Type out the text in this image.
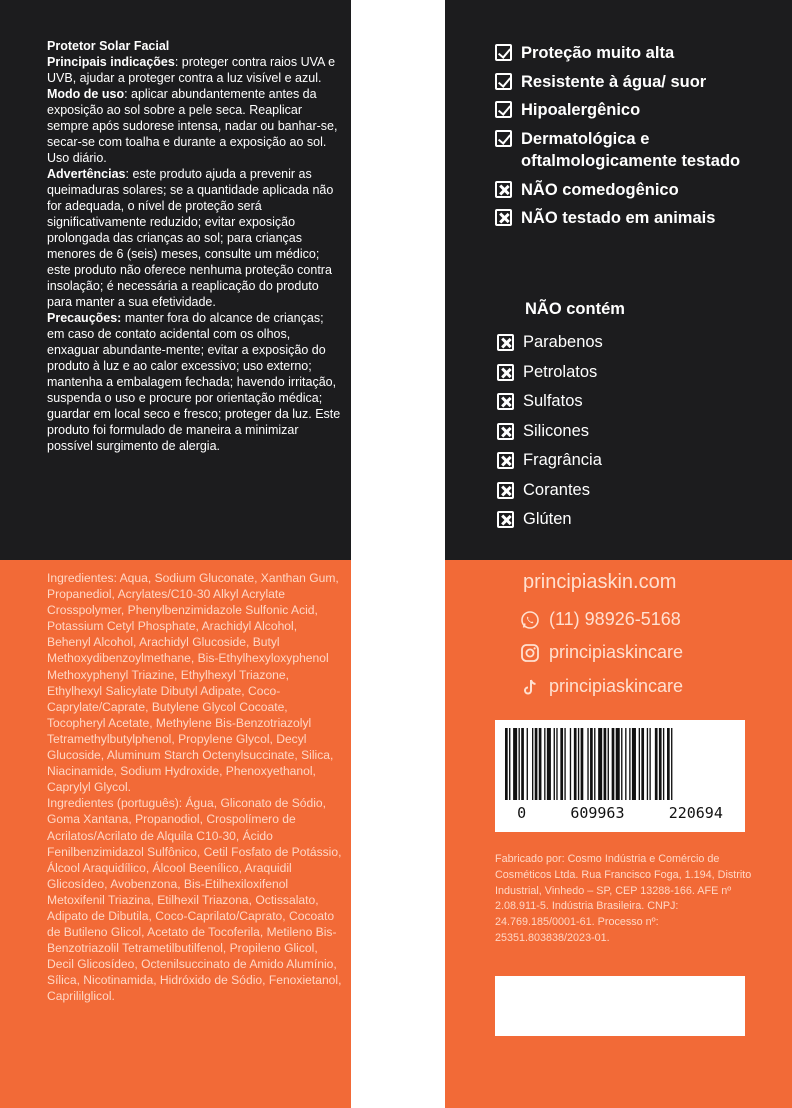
Protetor Solar Facial

Principais indicações: proteger contra raios UVA e UVB, ajudar a proteger contra a luz visível e azul.

Modo de uso: aplicar abundantemente antes da exposição ao sol sobre a pele seca. Reaplicar sempre após sudorese intensa, nadar ou banhar-se, secar-se com toalha e durante a exposição ao sol. Uso diário.

Advertências: este produto ajuda a prevenir as queimaduras solares; se a quantidade aplicada não for adequada, o nível de proteção será significativamente reduzido; evitar exposição prolongada das crianças ao sol; para crianças menores de 6 (seis) meses, consulte um médico; este produto não oferece nenhuma proteção contra insolação; é necessária a reaplicação do produto para manter a sua efetividade.

Precauções: manter fora do alcance de crianças; em caso de contato acidental com os olhos, enxaguar abundante-mente; evitar a exposição do produto à luz e ao calor excessivo; uso externo; mantenha a embalagem fechada; havendo irritação, suspenda o uso e procure por orientação médica; guardar em local seco e fresco; proteger da luz. Este produto foi formulado de maneira a minimizar possível surgimento de alergia.

Ingredientes: Aqua, Sodium Gluconate, Xanthan Gum, Propanediol, Acrylates/C10-30 Alkyl Acrylate Crosspolymer, Phenylbenzimidazole Sulfonic Acid, Potassium Cetyl Phosphate, Arachidyl Alcohol, Behenyl Alcohol, Arachidyl Glucoside, Butyl Methoxydibenzoylmethane, Bis-Ethylhexyloxyphenol Methoxyphenyl Triazine, Ethylhexyl Triazone, Ethylhexyl Salicylate Dibutyl Adipate, Coco-Caprylate/Caprate, Butylene Glycol Cocoate, Tocopheryl Acetate, Methylene Bis-Benzotriazolyl Tetramethylbutylphenol, Propylene Glycol, Decyl Glucoside, Aluminum Starch Octenylsuccinate, Silica, Niacinamide, Sodium Hydroxide, Phenoxyethanol, Caprylyl Glycol.

Ingredientes (português): Água, Gliconato de Sódio, Goma Xantana, Propanodiol, Crospolímero de Acrilatos/Acrilato de Alquila C10-30, Ácido Fenilbenzimidazol Sulfônico, Cetil Fosfato de Potássio, Álcool Araquidílico, Álcool Beenílico, Araquidil Glicosídeo, Avobenzona, Bis-Etilhexiloxifenol Metoxifenil Triazina, Etilhexil Triazona, Octissalato, Adipato de Dibutila, Coco-Caprilato/Caprato, Cocoato de Butileno Glicol, Acetato de Tocoferila, Metileno Bis-Benzotriazolil Tetrametilbutilfenol, Propileno Glicol, Decil Glicosídeo, Octenilsuccinato de Amido Alumínio, Sílica, Nicotinamida, Hidróxido de Sódio, Fenoxietanol, Caprililglicol.

Proteção muito alta
Resistente à água/ suor
Hipoalergênico
Dermatológica e oftalmologicamente testado
NÃO comedogênico
NÃO testado em animais
NÃO contém
Parabenos
Petrolatos
Sulfatos
Silicones
Fragrância
Corantes
Glúten
principiaskin.com
(11) 98926-5168
principiaskincare
principiaskincare
0	609963	220694

Fabricado por: Cosmo Indústria e Comércio de Cosméticos Ltda. Rua Francisco Foga, 1.194, Distrito Industrial, Vinhedo – SP, CEP 13288-166. AFE nº 2.08.911-5. Indústria Brasileira. CNPJ: 24.769.185/0001-61. Processo nº: 25351.803838/2023-01.
